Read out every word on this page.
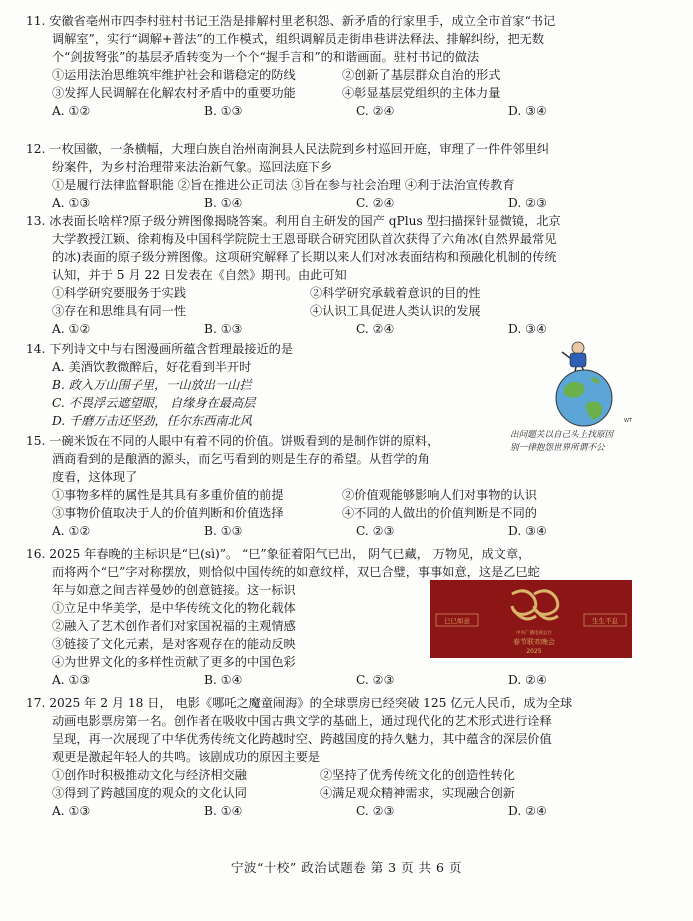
11. 安徽省亳州市四李村驻村书记王浩是排解村里老积怨、新矛盾的行家里手，成立全市首家“书记
调解室”，实行“调解+普法”的工作模式，组织调解员走街串巷讲法释法、排解纠纷，把无数
个“剑拔弩张”的基层矛盾转变为一个个“握手言和”的和谐画面。驻村书记的做法
①运用法治思维筑牢维护社会和谐稳定的防线	②创新了基层群众自治的形式
③发挥人民调解在化解农村矛盾中的重要功能	④彰显基层党组织的主体力量
A. ①②	B. ①③	C. ②④	D. ③④
12. 一枚国徽，一条横幅，大理白族自治州南涧县人民法院到乡村巡回开庭，审理了一件件邻里纠
纷案件，为乡村治理带来法治新气象。巡回法庭下乡
①是履行法律监督职能 ②旨在推进公正司法 ③旨在参与社会治理 ④利于法治宣传教育
A. ①③	B. ①④	C. ②④	D. ②③
13. 冰表面长啥样?原子级分辨图像揭晓答案。利用自主研发的国产 qPlus 型扫描探针显微镜，北京
大学教授江颖、徐莉梅及中国科学院院士王恩哥联合研究团队首次获得了六角冰(自然界最常见
的冰)表面的原子级分辨图像。这项研究解释了长期以来人们对冰表面结构和预融化机制的传统
认知，并于 5 月 22 日发表在《自然》期刊。由此可知
①科学研究要服务于实践	②科学研究承载着意识的目的性
③存在和思维具有同一性	④认识工具促进人类认识的发展
A. ①②	B. ①③	C. ②④	D. ③④
14. 下列诗文中与右图漫画所蕴含哲理最接近的是
A. 美酒饮教微醉后，好花看到半开时
B. 政入万山围子里，一山放出一山拦
C. 不畏浮云遮望眼， 自缘身在最高层
D. 千磨万击还坚劲，任尔东西南北风	WT
出问题关以自己头上找原因
别一律抱怨世界所谓不公
15. 一碗米饭在不同的人眼中有着不同的价值。饼贩看到的是制作饼的原料，
酒商看到的是酿酒的源头，而乞丐看到的则是生存的希望。从哲学的角
度看，这体现了
①事物多样的属性是其具有多重价值的前提	②价值观能够影响人们对事物的认识
③事物价值取决于人的价值判断和价值选择	④不同的人做出的价值判断是不同的
A. ①②	B. ①③	C. ②③	D. ③④
16. 2025 年春晚的主标识是“巳(sì)”。 “巳”象征着阳气已出， 阴气已藏， 万物见，成文章，
而将两个“巳”字对称摆放，则恰似中国传统的如意纹样，双巳合璧，事事如意，这是乙巳蛇
年与如意之间吉祥曼妙的创意链接。这一标识
①立足中华美学，是中华传统文化的物化载体
②融入了艺术创作者们对家国祝福的主观情感
③链接了文化元素，是对客观存在的能动反映
④为世界文化的多样性贡献了更多的中国色彩
A. ①③	B. ①④	C. ②③	D. ②④
巳巳如意	生生不息
中央广播电视总台
春节联欢晚会
2025
17. 2025 年 2 月 18 日， 电影《哪吒之魔童闹海》的全球票房已经突破 125 亿元人民币，成为全球
动画电影票房第一名。创作者在吸收中国古典文学的基础上，通过现代化的艺术形式进行诠释
呈现，再一次展现了中华优秀传统文化跨越时空、跨越国度的持久魅力，其中蕴含的深层价值
观更是激起年轻人的共鸣。该剧成功的原因主要是
①创作时积极推动文化与经济相交融	②坚持了优秀传统文化的创造性转化
③得到了跨越国度的观众的文化认同	④满足观众精神需求，实现融合创新
A. ①③	B. ①④	C. ②③	D. ②④
宁波“十校” 政治试题卷 第 3 页 共 6 页
